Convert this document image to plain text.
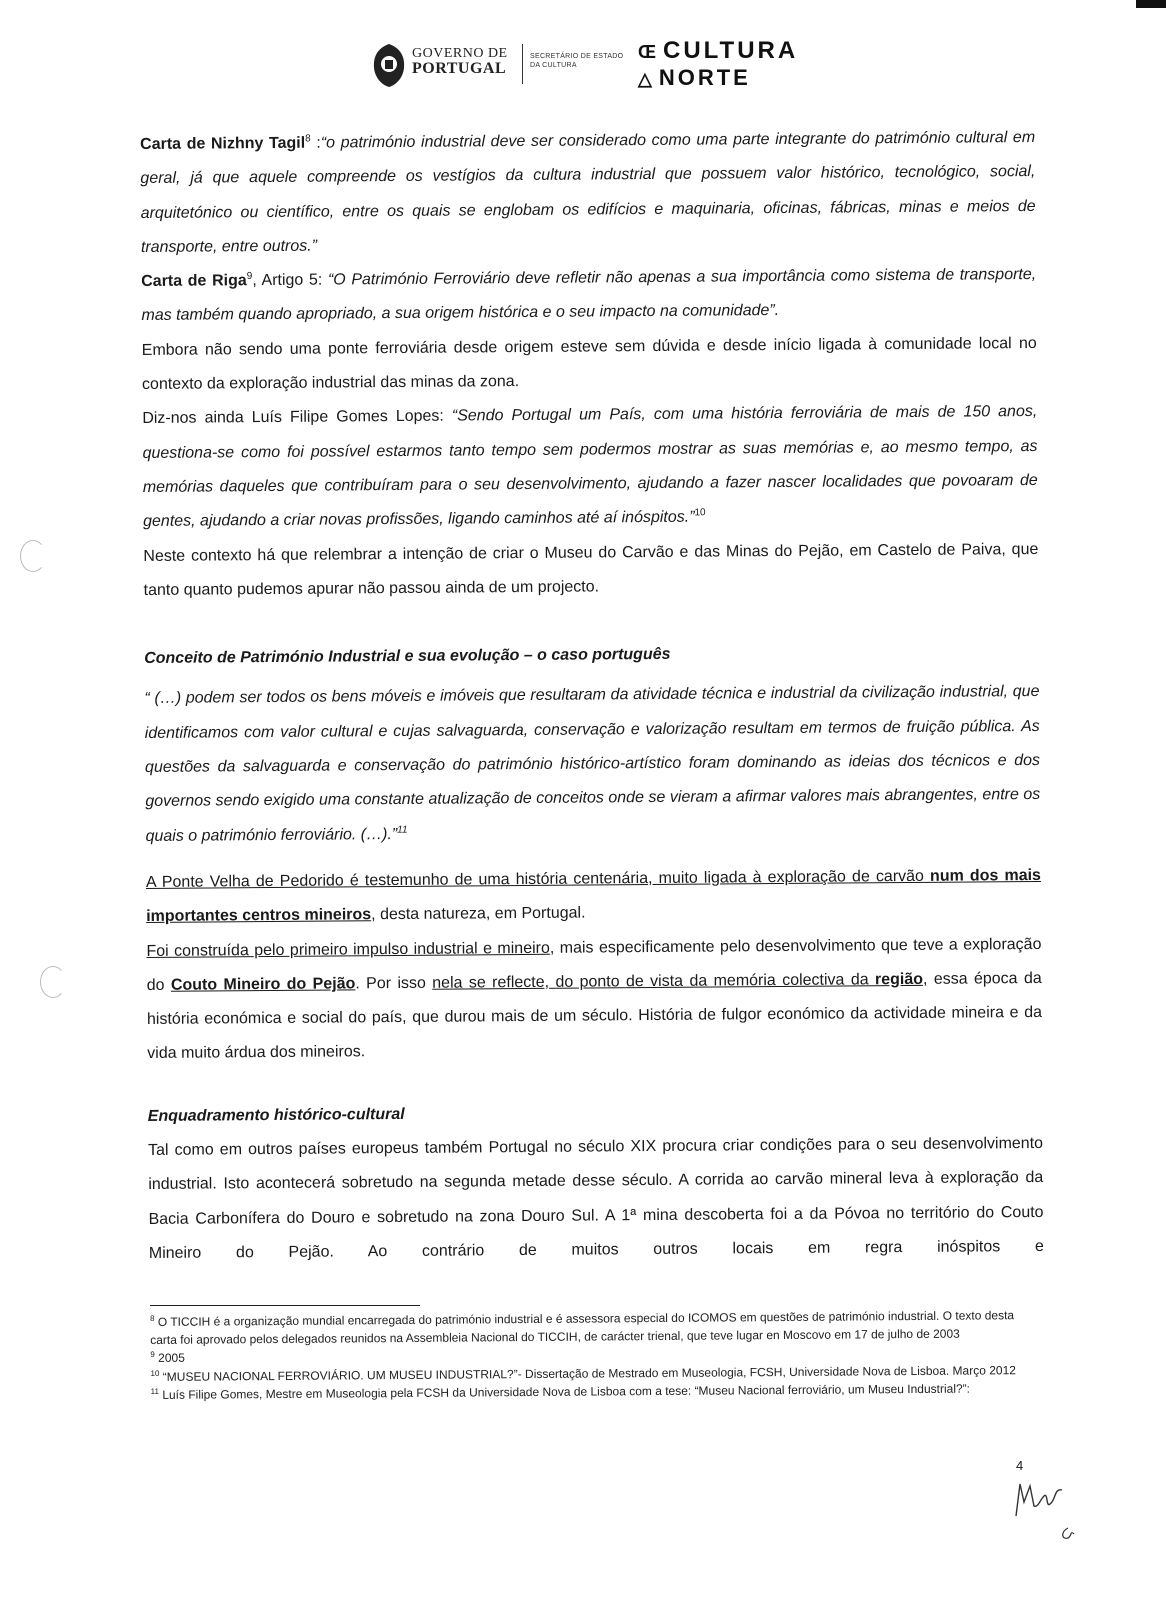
GOVERNO DE
PORTUGAL
SECRETÁRIO DE ESTADO
DA CULTURA
Œ CULTURA
△ NORTE

Carta de Nizhny Tagil$^8$ :“o património industrial deve ser considerado como uma parte integrante do património cultural em geral, já que aquele compreende os vestígios da cultura industrial que possuem valor histórico, tecnológico, social, arquitetónico ou científico, entre os quais se englobam os edifícios e maquinaria, oficinas, fábricas, minas e meios de transporte, entre outros.”

Carta de Riga$^9$, Artigo 5: “O Património Ferroviário deve refletir não apenas a sua importância como sistema de transporte, mas também quando apropriado, a sua origem histórica e o seu impacto na comunidade”.

Embora não sendo uma ponte ferroviária desde origem esteve sem dúvida e desde início ligada à comunidade local no contexto da exploração industrial das minas da zona.

Diz-nos ainda Luís Filipe Gomes Lopes: “Sendo Portugal um País, com uma história ferroviária de mais de 150 anos, questiona-se como foi possível estarmos tanto tempo sem podermos mostrar as suas memórias e, ao mesmo tempo, as memórias daqueles que contribuíram para o seu desenvolvimento, ajudando a fazer nascer localidades que povoaram de gentes, ajudando a criar novas profissões, ligando caminhos até aí inóspitos.”$^{10}$

Neste contexto há que relembrar a intenção de criar o Museu do Carvão e das Minas do Pejão, em Castelo de Paiva, que tanto quanto pudemos apurar não passou ainda de um projecto.

Conceito de Património Industrial e sua evolução – o caso português

“ (…) podem ser todos os bens móveis e imóveis que resultaram da atividade técnica e industrial da civilização industrial, que identificamos com valor cultural e cujas salvaguarda, conservação e valorização resultam em termos de fruição pública. As questões da salvaguarda e conservação do património histórico-artístico foram dominando as ideias dos técnicos e dos governos sendo exigido uma constante atualização de conceitos onde se vieram a afirmar valores mais abrangentes, entre os quais o património ferroviário. (…).”$^{11}$

A Ponte Velha de Pedorido é testemunho de uma história centenária, muito ligada à exploração de carvão num dos mais importantes centros mineiros, desta natureza, em Portugal.

Foi construída pelo primeiro impulso industrial e mineiro, mais especificamente pelo desenvolvimento que teve a exploração do Couto Mineiro do Pejão. Por isso nela se reflecte, do ponto de vista da memória colectiva da região, essa época da história económica e social do país, que durou mais de um século. História de fulgor económico da actividade mineira e da vida muito árdua dos mineiros.

Enquadramento histórico-cultural

Tal como em outros países europeus também Portugal no século XIX procura criar condições para o seu desenvolvimento industrial. Isto acontecerá sobretudo na segunda metade desse século. A corrida ao carvão mineral leva à exploração da Bacia Carbonífera do Douro e sobretudo na zona Douro Sul. A 1ª mina descoberta foi a da Póvoa no território do Couto Mineiro do Pejão. Ao contrário de muitos outros locais em regra inóspitos e

$^8$ O TICCIH é a organização mundial encarregada do património industrial e é assessora especial do ICOMOS em questões de património industrial. O texto desta carta foi aprovado pelos delegados reunidos na Assembleia Nacional do TICCIH, de carácter trienal, que teve lugar en Moscovo em 17 de julho de 2003

$^9$ 2005

$^{10}$ “MUSEU NACIONAL FERROVIÁRIO. UM MUSEU INDUSTRIAL?”- Dissertação de Mestrado em Museologia, FCSH, Universidade Nova de Lisboa. Março 2012

$^{11}$ Luís Filipe Gomes, Mestre em Museologia pela FCSH da Universidade Nova de Lisboa com a tese: “Museu Nacional ferroviário, um Museu Industrial?”:

4
